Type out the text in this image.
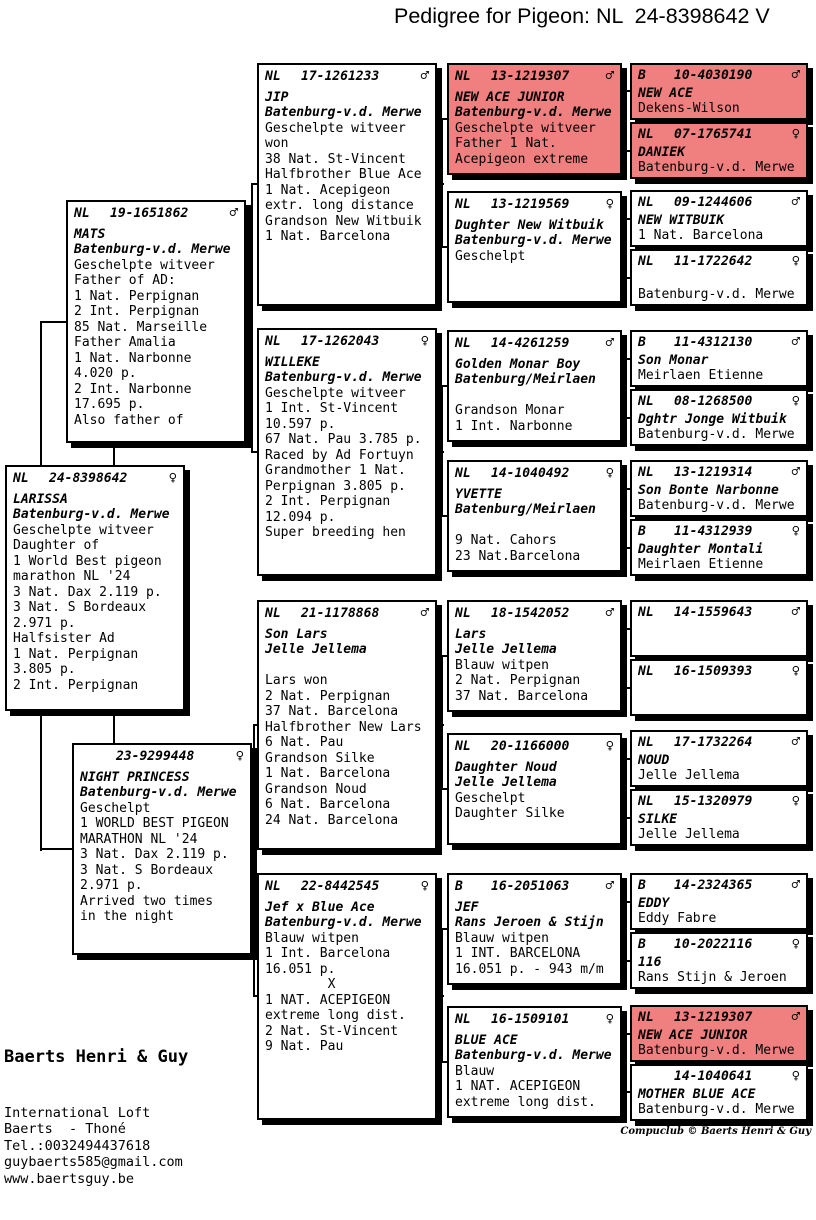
Pedigree for Pigeon: NL  24-8398642 V
NL	19-1651862	♂
MATS
Batenburg-v.d. Merwe
Geschelpte witveer
Father of AD:
1 Nat. Perpignan
2 Int. Perpignan
85 Nat. Marseille
Father Amalia
1 Nat. Narbonne
4.020 p.
2 Int. Narbonne
17.695 p.
Also father of
NL	24-8398642	♀
LARISSA
Batenburg-v.d. Merwe
Geschelpte witveer
Daughter of
1 World Best pigeon
marathon NL '24
3 Nat. Dax 2.119 p.
3 Nat. S Bordeaux
2.971 p.
Halfsister Ad
1 Nat. Perpignan
3.805 p.
2 Int. Perpignan
23-9299448	♀
NIGHT PRINCESS
Batenburg-v.d. Merwe
Geschelpt
1 WORLD BEST PIGEON
MARATHON NL '24
3 Nat. Dax 2.119 p.
3 Nat. S Bordeaux
2.971 p.
Arrived two times
in the night
NL	17-1261233	♂
JIP
Batenburg-v.d. Merwe
Geschelpte witveer
won
38 Nat. St-Vincent
Halfbrother Blue Ace
1 Nat. Acepigeon
extr. long distance
Grandson New Witbuik
1 Nat. Barcelona
NL	17-1262043	♀
WILLEKE
Batenburg-v.d. Merwe
Geschelpte witveer
1 Int. St-Vincent
10.597 p.
67 Nat. Pau 3.785 p.
Raced by Ad Fortuyn
Grandmother 1 Nat.
Perpignan 3.805 p.
2 Int. Perpignan
12.094 p.
Super breeding hen
NL	21-1178868	♂
Son Lars
Jelle Jellema

Lars won
2 Nat. Perpignan
37 Nat. Barcelona
Halfbrother New Lars
6 Nat. Pau
Grandson Silke
1 Nat. Barcelona
Grandson Noud
6 Nat. Barcelona
24 Nat. Barcelona
NL	22-8442545	♀
Jef x Blue Ace
Batenburg-v.d. Merwe
Blauw witpen
1 Int. Barcelona
16.051 p.
X
1 NAT. ACEPIGEON
extreme long dist.
2 Nat. St-Vincent
9 Nat. Pau
NL	13-1219307	♂
NEW ACE JUNIOR
Batenburg-v.d. Merwe
Geschelpte witveer
Father 1 Nat.
Acepigeon extreme
NL	13-1219569	♀
Dughter New Witbuik
Batenburg-v.d. Merwe
Geschelpt
NL	14-4261259	♂
Golden Monar Boy
Batenburg/Meirlaen

Grandson Monar
1 Int. Narbonne
NL	14-1040492	♀
YVETTE
Batenburg/Meirlaen

9 Nat. Cahors
23 Nat.Barcelona
NL	18-1542052	♂
Lars
Jelle Jellema
Blauw witpen
2 Nat. Perpignan
37 Nat. Barcelona
NL	20-1166000	♀
Daughter Noud
Jelle Jellema
Geschelpt
Daughter Silke
B	16-2051063	♂
JEF
Rans Jeroen & Stijn
Blauw witpen
1 INT. BARCELONA
16.051 p. - 943 m/m
NL	16-1509101	♀
BLUE ACE
Batenburg-v.d. Merwe
Blauw
1 NAT. ACEPIGEON
extreme long dist.
B	10-4030190	♂
NEW ACE
Dekens-Wilson
NL	07-1765741	♀
DANIEK
Batenburg-v.d. Merwe
NL	09-1244606	♂
NEW WITBUIK
1 Nat. Barcelona
NL	11-1722642	♀
Batenburg-v.d. Merwe
B	11-4312130	♂
Son Monar
Meirlaen Etienne
NL	08-1268500	♀
Dghtr Jonge Witbuik
Batenburg-v.d. Merwe
NL	13-1219314	♂
Son Bonte Narbonne
Batenburg-v.d. Merwe
B	11-4312939	♀
Daughter Montali
Meirlaen Etienne
NL	14-1559643	♂
NL	16-1509393	♀
NL	17-1732264	♂
NOUD
Jelle Jellema
NL	15-1320979	♀
SILKE
Jelle Jellema
B	14-2324365	♂
EDDY
Eddy Fabre
B	10-2022116	♀
116
Rans Stijn & Jeroen
NL	13-1219307	♂
NEW ACE JUNIOR
Batenburg-v.d. Merwe
14-1040641	♀
MOTHER BLUE ACE
Batenburg-v.d. Merwe

Baerts Henri & Guy

International Loft
Baerts  - Thoné
Tel.:0032494437618
guybaerts585@gmail.com
www.baertsguy.be

Compuclub © Baerts Henri & Guy
